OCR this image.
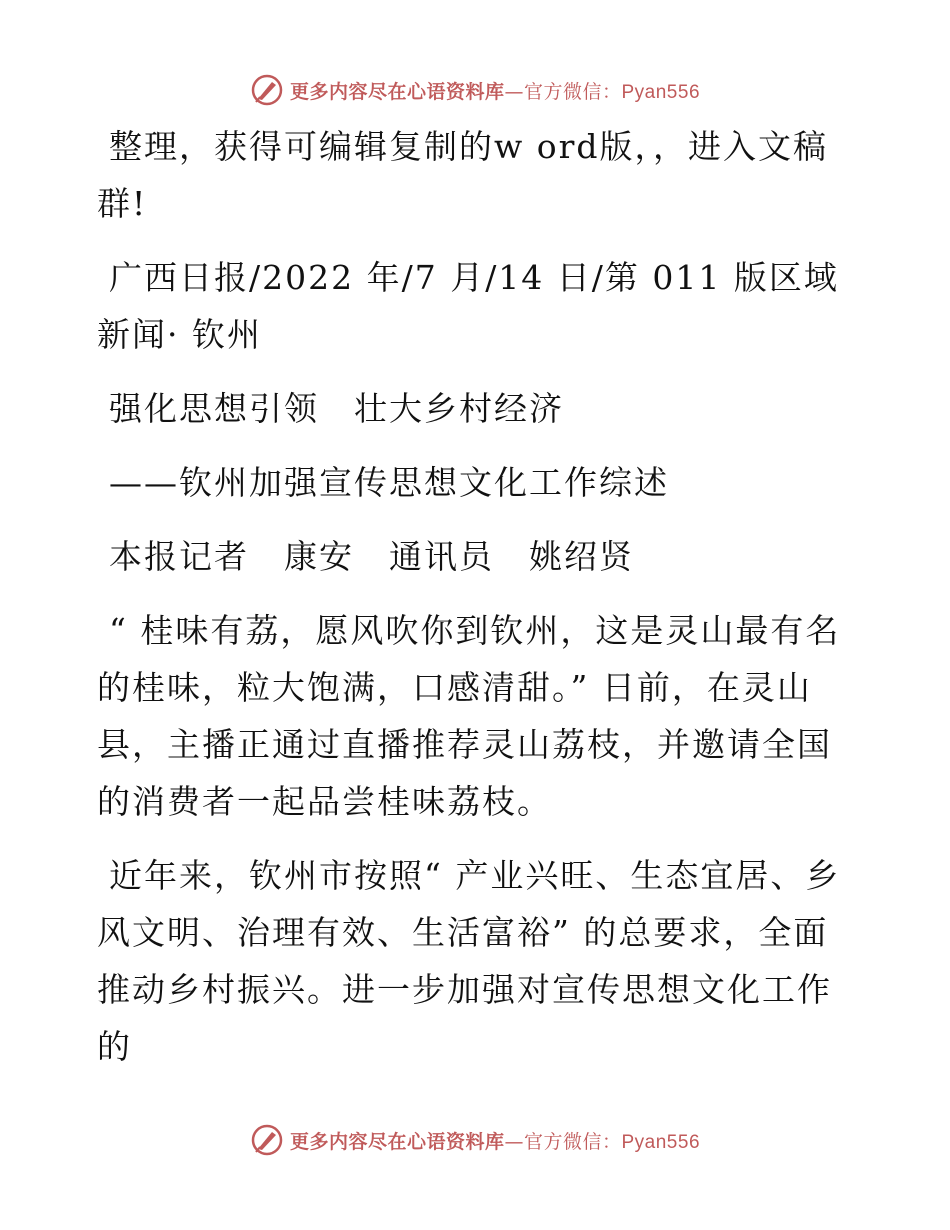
更多内容尽在心语资料库—官方微信：Pyan556

整理，获得可编辑复制的w ord版，，进入文稿群!

广西日报/2022 年/7 月/14 日/第 011 版区域新闻· 钦州

强化思想引领　壮大乡村经济

——钦州加强宣传思想文化工作综述

本报记者　康安　通讯员　姚绍贤

“ 桂味有荔，愿风吹你到钦州，这是灵山最有名的桂味，粒大饱满，口感清甜。” 日前，在灵山县，主播正通过直播推荐灵山荔枝，并邀请全国的消费者一起品尝桂味荔枝。

近年来，钦州市按照“ 产业兴旺、生态宜居、乡风文明、治理有效、生活富裕” 的总要求，全面推动乡村振兴。进一步加强对宣传思想文化工作的

更多内容尽在心语资料库—官方微信：Pyan556
